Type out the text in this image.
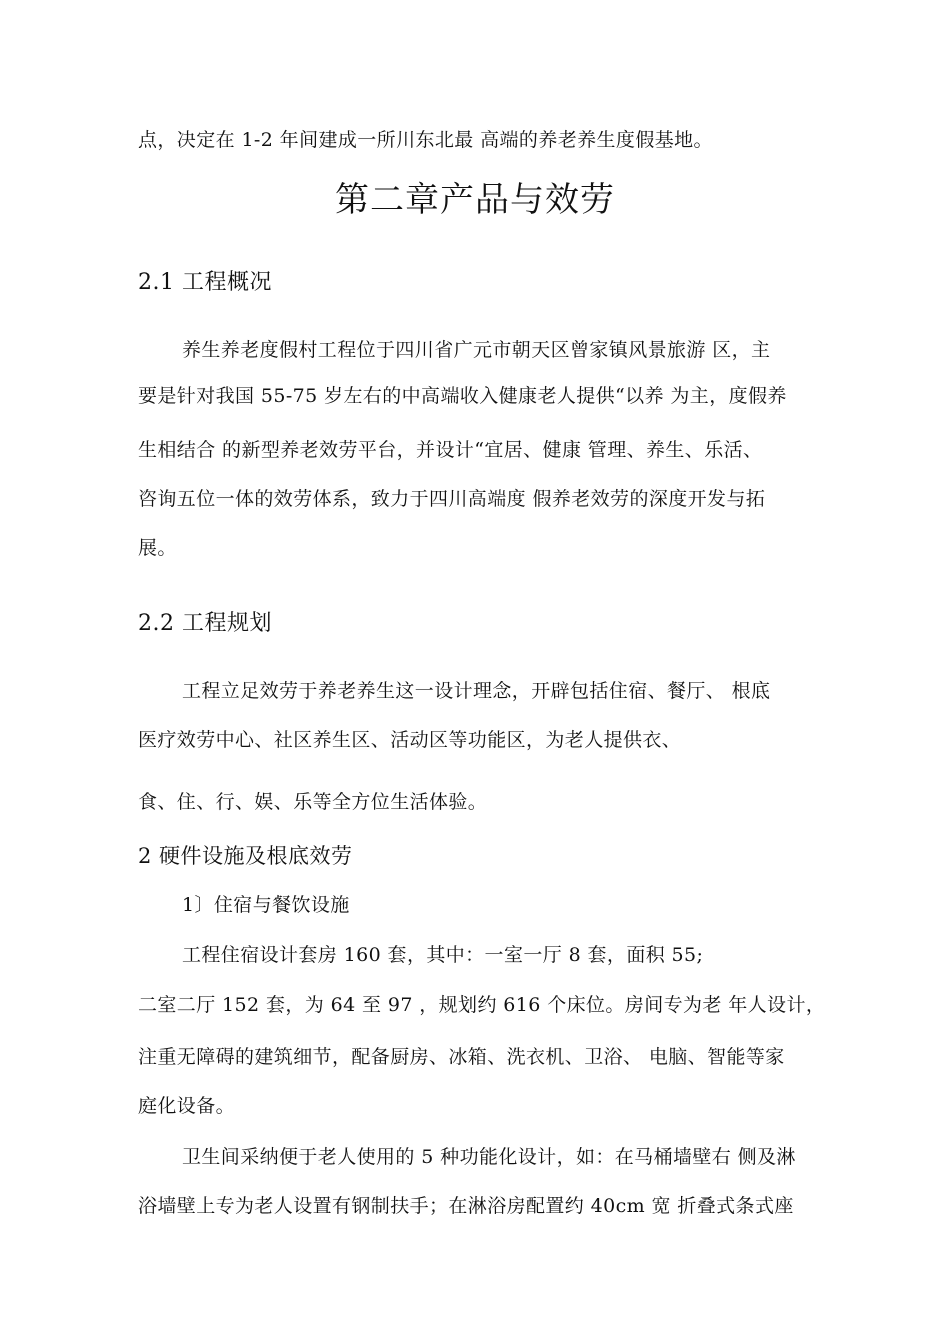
点，决定在 1-2 年间建成一所川东北最 高端的养老养生度假基地。
第二章产品与效劳
2.1 工程概况
养生养老度假村工程位于四川省广元市朝天区曾家镇风景旅游 区，主
要是针对我国 55-75 岁左右的中高端收入健康老人提供“以养 为主，度假养
生相结合 的新型养老效劳平台，并设计“宜居、健康 管理、养生、乐活、
咨询五位一体的效劳体系，致力于四川高端度 假养老效劳的深度开发与拓
展。
2.2 工程规划
工程立足效劳于养老养生这一设计理念，开辟包括住宿、餐厅、 根底
医疗效劳中心、社区养生区、活动区等功能区，为老人提供衣、
食、住、行、娱、乐等全方位生活体验。
2 硬件设施及根底效劳
1〕住宿与餐饮设施
工程住宿设计套房 160 套，其中：一室一厅 8 套，面积 55;
二室二厅 152 套，为 64 至 97 ，规划约 616 个床位。房间专为老 年人设计，
注重无障碍的建筑细节，配备厨房、冰箱、洗衣机、卫浴、 电脑、智能等家
庭化设备。
卫生间采纳便于老人使用的 5 种功能化设计，如：在马桶墙壁右 侧及淋
浴墙壁上专为老人设置有钢制扶手；在淋浴房配置约 40cm 宽 折叠式条式座
